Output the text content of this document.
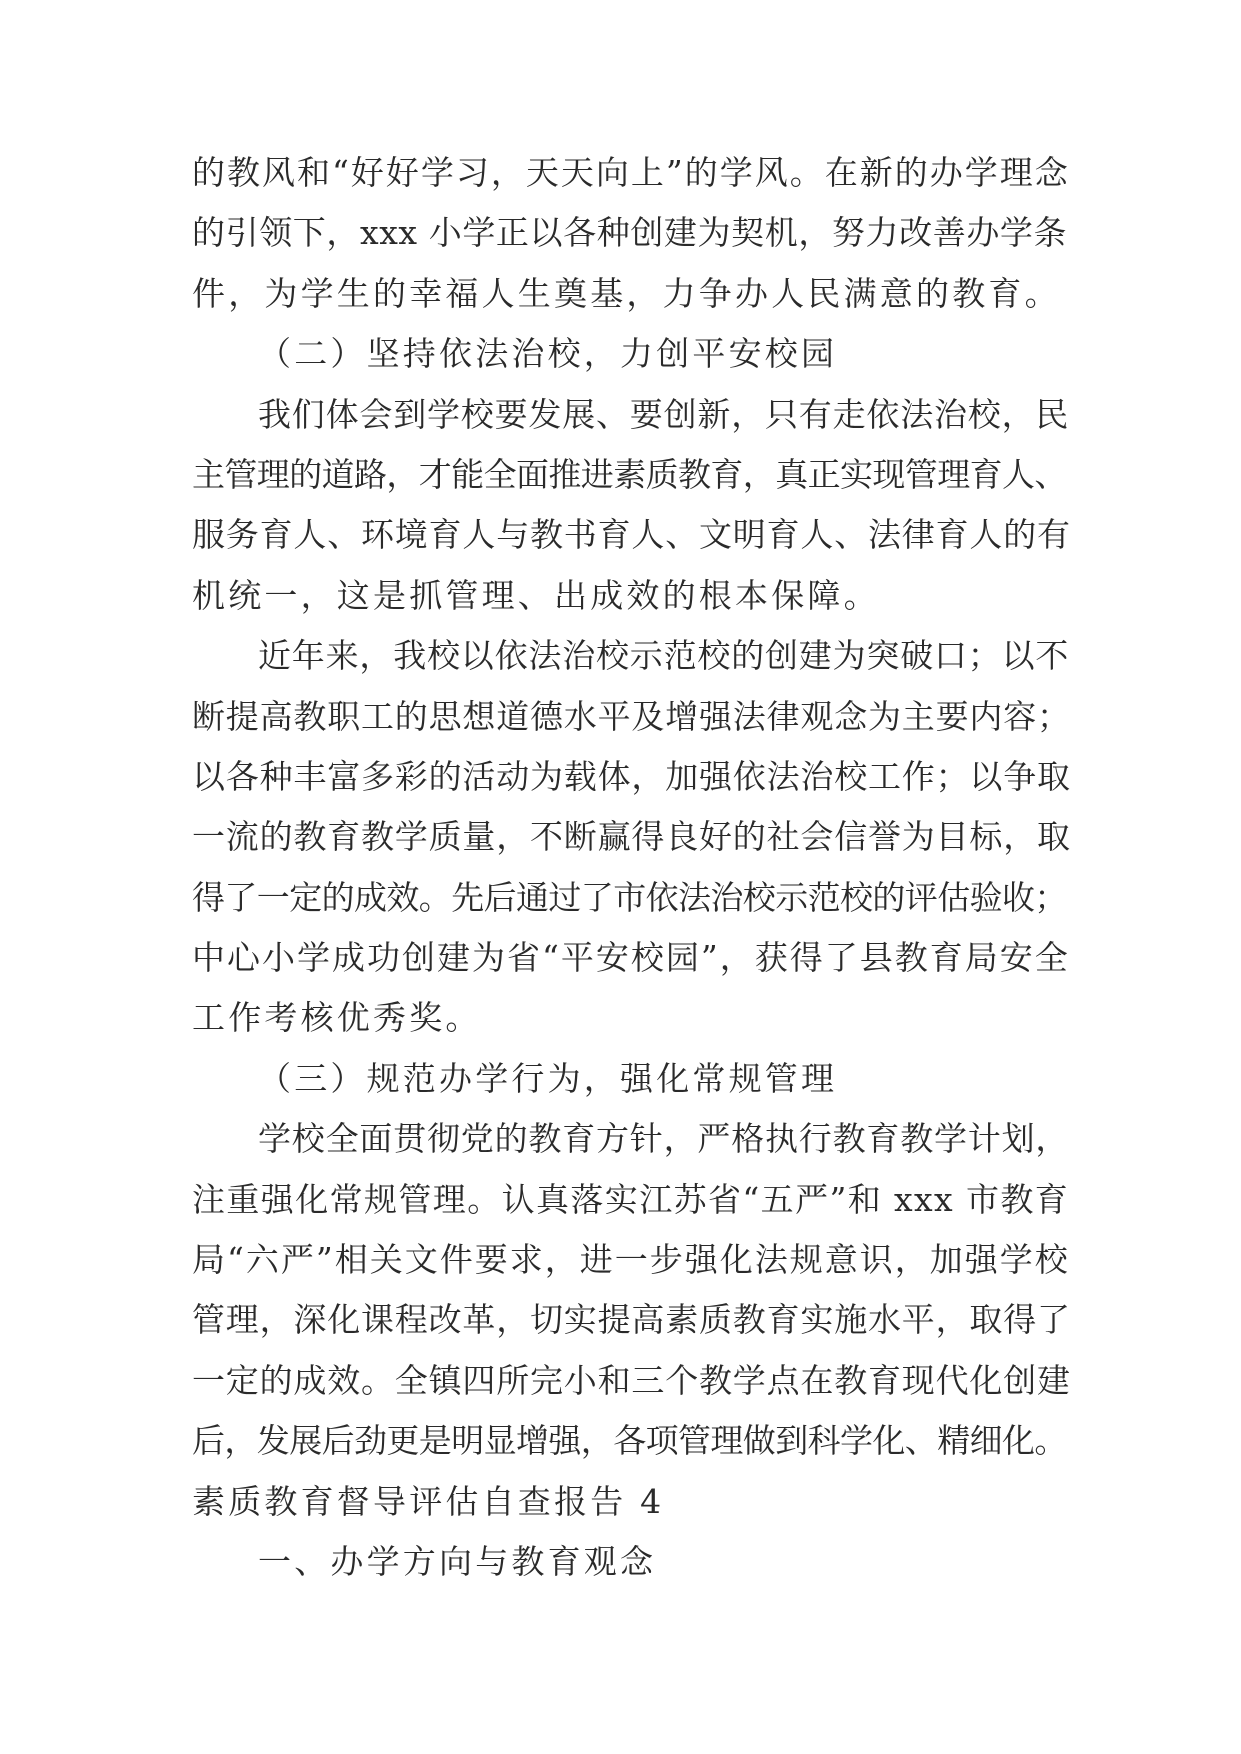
的教风和“好好学习，天天向上”的学风。在新的办学理念
的引领下，xxx 小学正以各种创建为契机，努力改善办学条
件，为学生的幸福人生奠基，力争办人民满意的教育。
（二）坚持依法治校，力创平安校园
我们体会到学校要发展、要创新，只有走依法治校，民
主管理的道路，才能全面推进素质教育，真正实现管理育人、
服务育人、环境育人与教书育人、文明育人、法律育人的有
机统一，这是抓管理、出成效的根本保障。
近年来，我校以依法治校示范校的创建为突破口；以不
断提高教职工的思想道德水平及增强法律观念为主要内容；
以各种丰富多彩的活动为载体，加强依法治校工作；以争取
一流的教育教学质量，不断赢得良好的社会信誉为目标，取
得了一定的成效。先后通过了市依法治校示范校的评估验收；
中心小学成功创建为省“平安校园”，获得了县教育局安全
工作考核优秀奖。
（三）规范办学行为，强化常规管理
学校全面贯彻党的教育方针，严格执行教育教学计划，
注重强化常规管理。认真落实江苏省“五严”和 xxx 市教育
局“六严”相关文件要求，进一步强化法规意识，加强学校
管理，深化课程改革，切实提高素质教育实施水平，取得了
一定的成效。全镇四所完小和三个教学点在教育现代化创建
后，发展后劲更是明显增强，各项管理做到科学化、精细化。
素质教育督导评估自查报告 4
一、办学方向与教育观念
